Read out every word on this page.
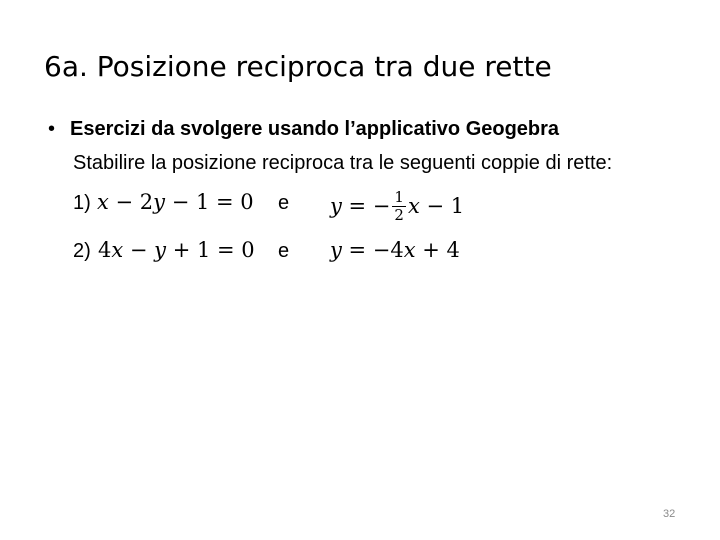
6a. Posizione reciproca tra due rette
• Esercizi da svolgere usando l’applicativo Geogebra
Stabilire la posizione reciproca tra le seguenti coppie di rette:
1) 𝑥 − 2𝑦 − 1 = 0 e 𝑦 = − $\frac{1}{2}$ 𝑥 − 1
2) 4𝑥 − 𝑦 + 1 = 0 e 𝑦 = −4𝑥 + 4
32
